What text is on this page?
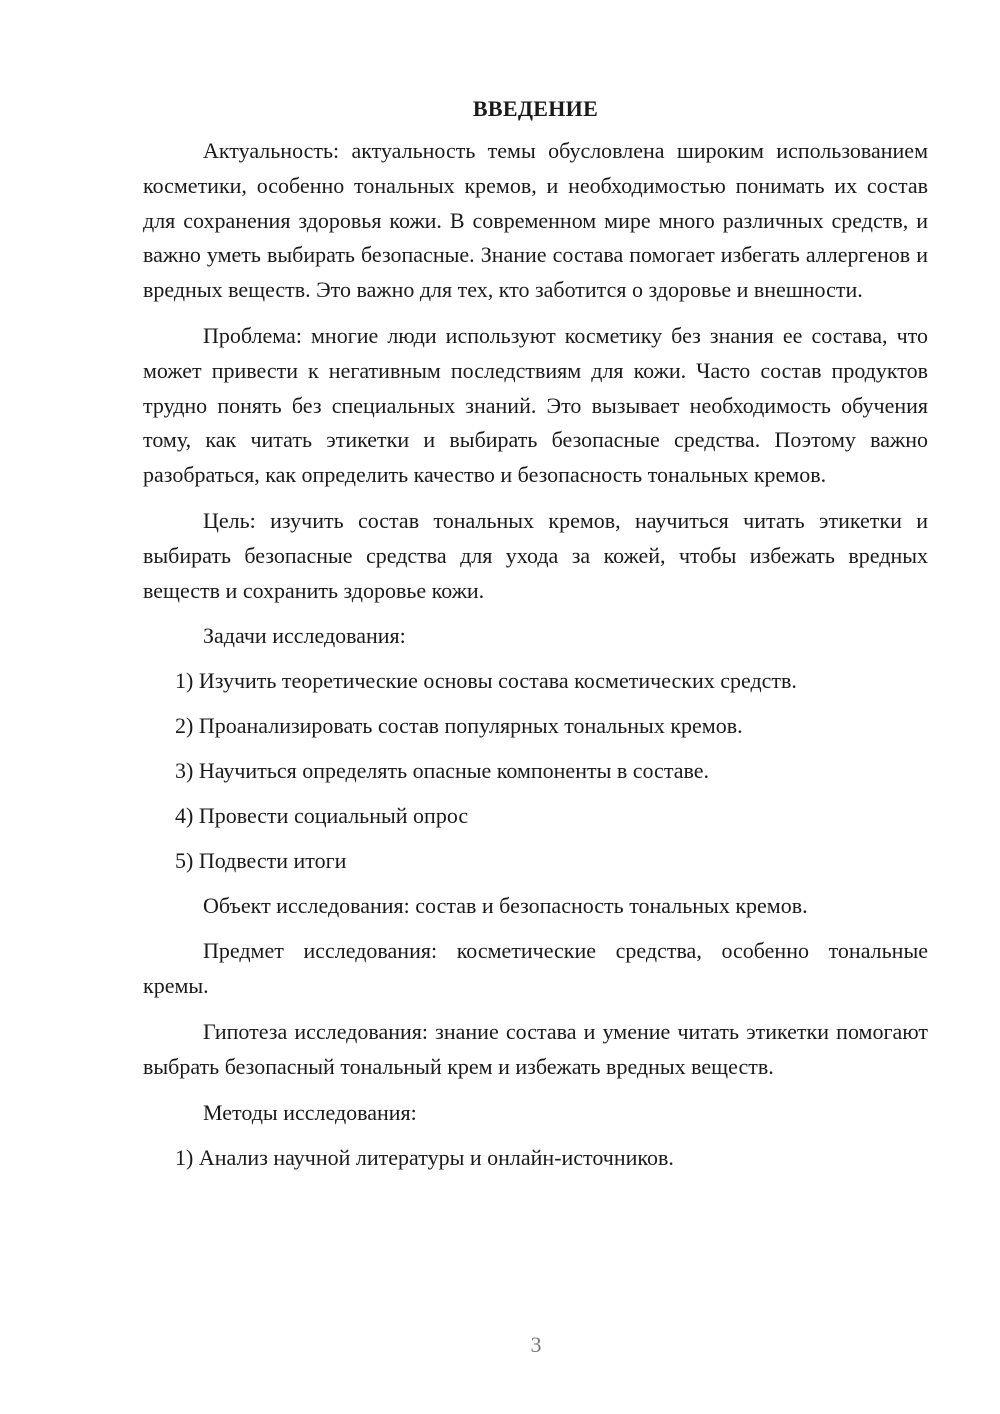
ВВЕДЕНИЕ

Актуальность: актуальность темы обусловлена широким использованием косметики, особенно тональных кремов, и необходимостью понимать их состав для сохранения здоровья кожи. В современном мире много различных средств, и важно уметь выбирать безопасные. Знание состава помогает избегать аллергенов и вредных веществ. Это важно для тех, кто заботится о здоровье и внешности.

Проблема: многие люди используют косметику без знания ее состава, что может привести к негативным последствиям для кожи. Часто состав продуктов трудно понять без специальных знаний. Это вызывает необходимость обучения тому, как читать этикетки и выбирать безопасные средства. Поэтому важно разобраться, как определить качество и безопасность тональных кремов.

Цель: изучить состав тональных кремов, научиться читать этикетки и выбирать безопасные средства для ухода за кожей, чтобы избежать вредных веществ и сохранить здоровье кожи.

Задачи исследования:

1) Изучить теоретические основы состава косметических средств.
2) Проанализировать состав популярных тональных кремов.
3) Научиться определять опасные компоненты в составе.
4) Провести социальный опрос
5) Подвести итоги

Объект исследования: состав и безопасность тональных кремов.

Предмет исследования: косметические средства, особенно тональные кремы.

Гипотеза исследования: знание состава и умение читать этикетки помогают выбрать безопасный тональный крем и избежать вредных веществ.

Методы исследования:

1) Анализ научной литературы и онлайн-источников.
3
